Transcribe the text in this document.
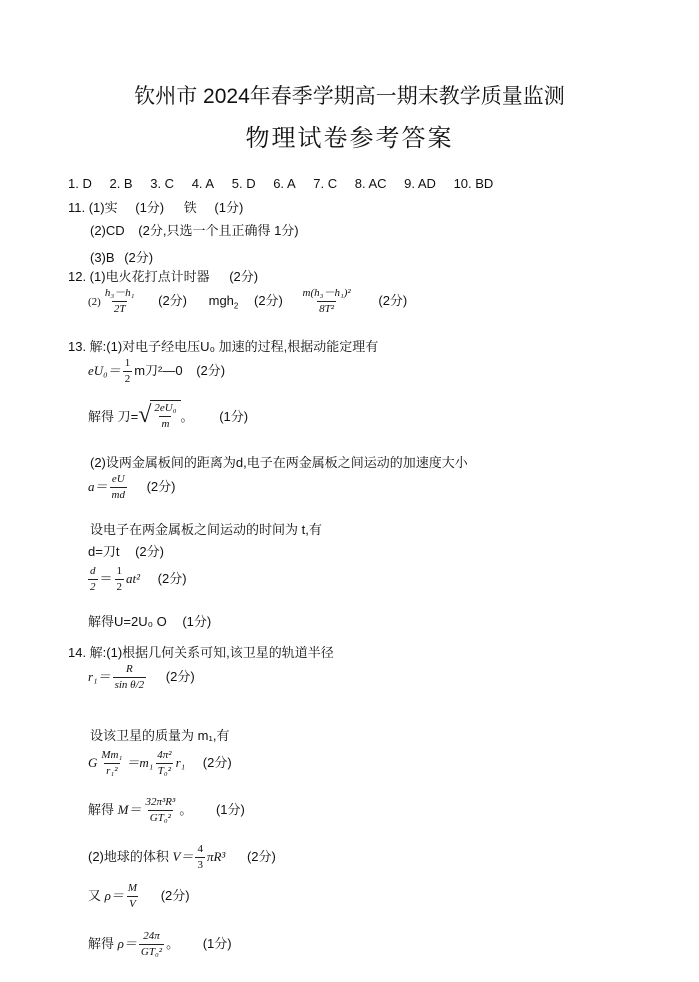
钦州市 2024年春季学期高一期末教学质量监测
物理试卷参考答案
1. D 2. B 3. C 4. A 5. D 6. A 7. C 8. AC 9. AD 10. BD
11. (1)实 (1分) 铁 (1分)
(2)CD (2分,只选一个且正确得 1分)
(3)B (2分)
12. (1)电火花打点计时器 (2分)
$(2) \frac{\text{h₃－h₁}}{2T} (2$分) mgh$_2$ (2分) $\frac{\text{m(h₃－h₁)²}}{\text{8T²}} (2$分)
13. 解:(1)对电子经电压U₀ 加速的过程,根据动能定理有
$eU_0= \frac{1}{2}$ m刀²—0 (2分)
解得 刀= √ $\frac{\text{2eU₀}}{m}$ 。 (1分)
(2)设两金属板间的距离为d,电子在两金属板之间运动的加速度大小
$a= \frac{eU}{md} (2$分)
设电子在两金属板之间运动的时间为 t,有
d=刀t (2分)
$\frac{d}{2} = \frac{1}{2} at^2$ (2分)
解得U=2U₀ O (1分)
14. 解:(1)根据几何关系可知,该卫星的轨道半径
$r_1= \frac{R}{\text{sin θ/2}} (2$分)
设该卫星的质量为 m₁,有
G $\frac{\text{Mm₁}}{\text{r₁²}} =m_1 \frac{\text{4π²}}{\text{T₀²}} r_1$ (2分)
解得 $M= \frac{\text{32π³R³}}{\text{GT₀²}}$ 。 (1分)
(2)地球的体积 $V= \frac{4}{3} \pi R^3$ (2分)
又 $\rho= \frac{M}{V} (2$分)
解得 $\rho= \frac{24\pi}{\text{GT₀²}}$ 。 (1分)
